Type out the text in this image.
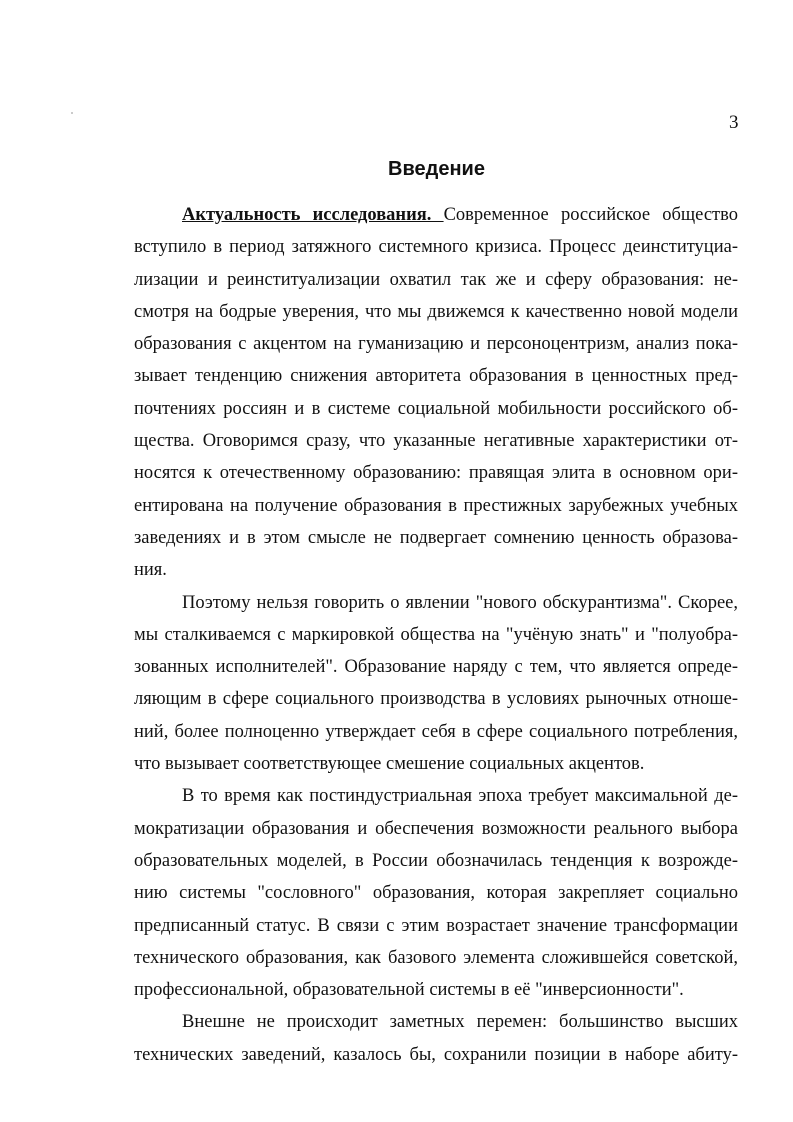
3
Введение
Актуальность исследования. Современное российское общество
вступило в период затяжного системного кризиса. Процесс деинституциа-
лизации и реинституализации охватил так же и сферу образования: не-
смотря на бодрые уверения, что мы движемся к качественно новой модели
образования с акцентом на гуманизацию и персоноцентризм, анализ пока-
зывает тенденцию снижения авторитета образования в ценностных пред-
почтениях россиян и в системе социальной мобильности российского об-
щества. Оговоримся сразу, что указанные негативные характеристики от-
носятся к отечественному образованию: правящая элита в основном ори-
ентирована на получение образования в престижных зарубежных учебных
заведениях и в этом смысле не подвергает сомнению ценность образова-
ния.
Поэтому нельзя говорить о явлении "нового обскурантизма". Скорее,
мы сталкиваемся с маркировкой общества на "учёную знать" и "полуобра-
зованных исполнителей". Образование наряду с тем, что является опреде-
ляющим в сфере социального производства в условиях рыночных отноше-
ний, более полноценно утверждает себя в сфере социального потребления,
что вызывает соответствующее смешение социальных акцентов.
В то время как постиндустриальная эпоха требует максимальной де-
мократизации образования и обеспечения возможности реального выбора
образовательных моделей, в России обозначилась тенденция к возрожде-
нию системы "сословного" образования, которая закрепляет социально
предписанный статус. В связи с этим возрастает значение трансформации
технического образования, как базового элемента сложившейся советской,
профессиональной, образовательной системы в её "инверсионности".
Внешне не происходит заметных перемен: большинство высших
технических заведений, казалось бы, сохранили позиции в наборе абиту-
